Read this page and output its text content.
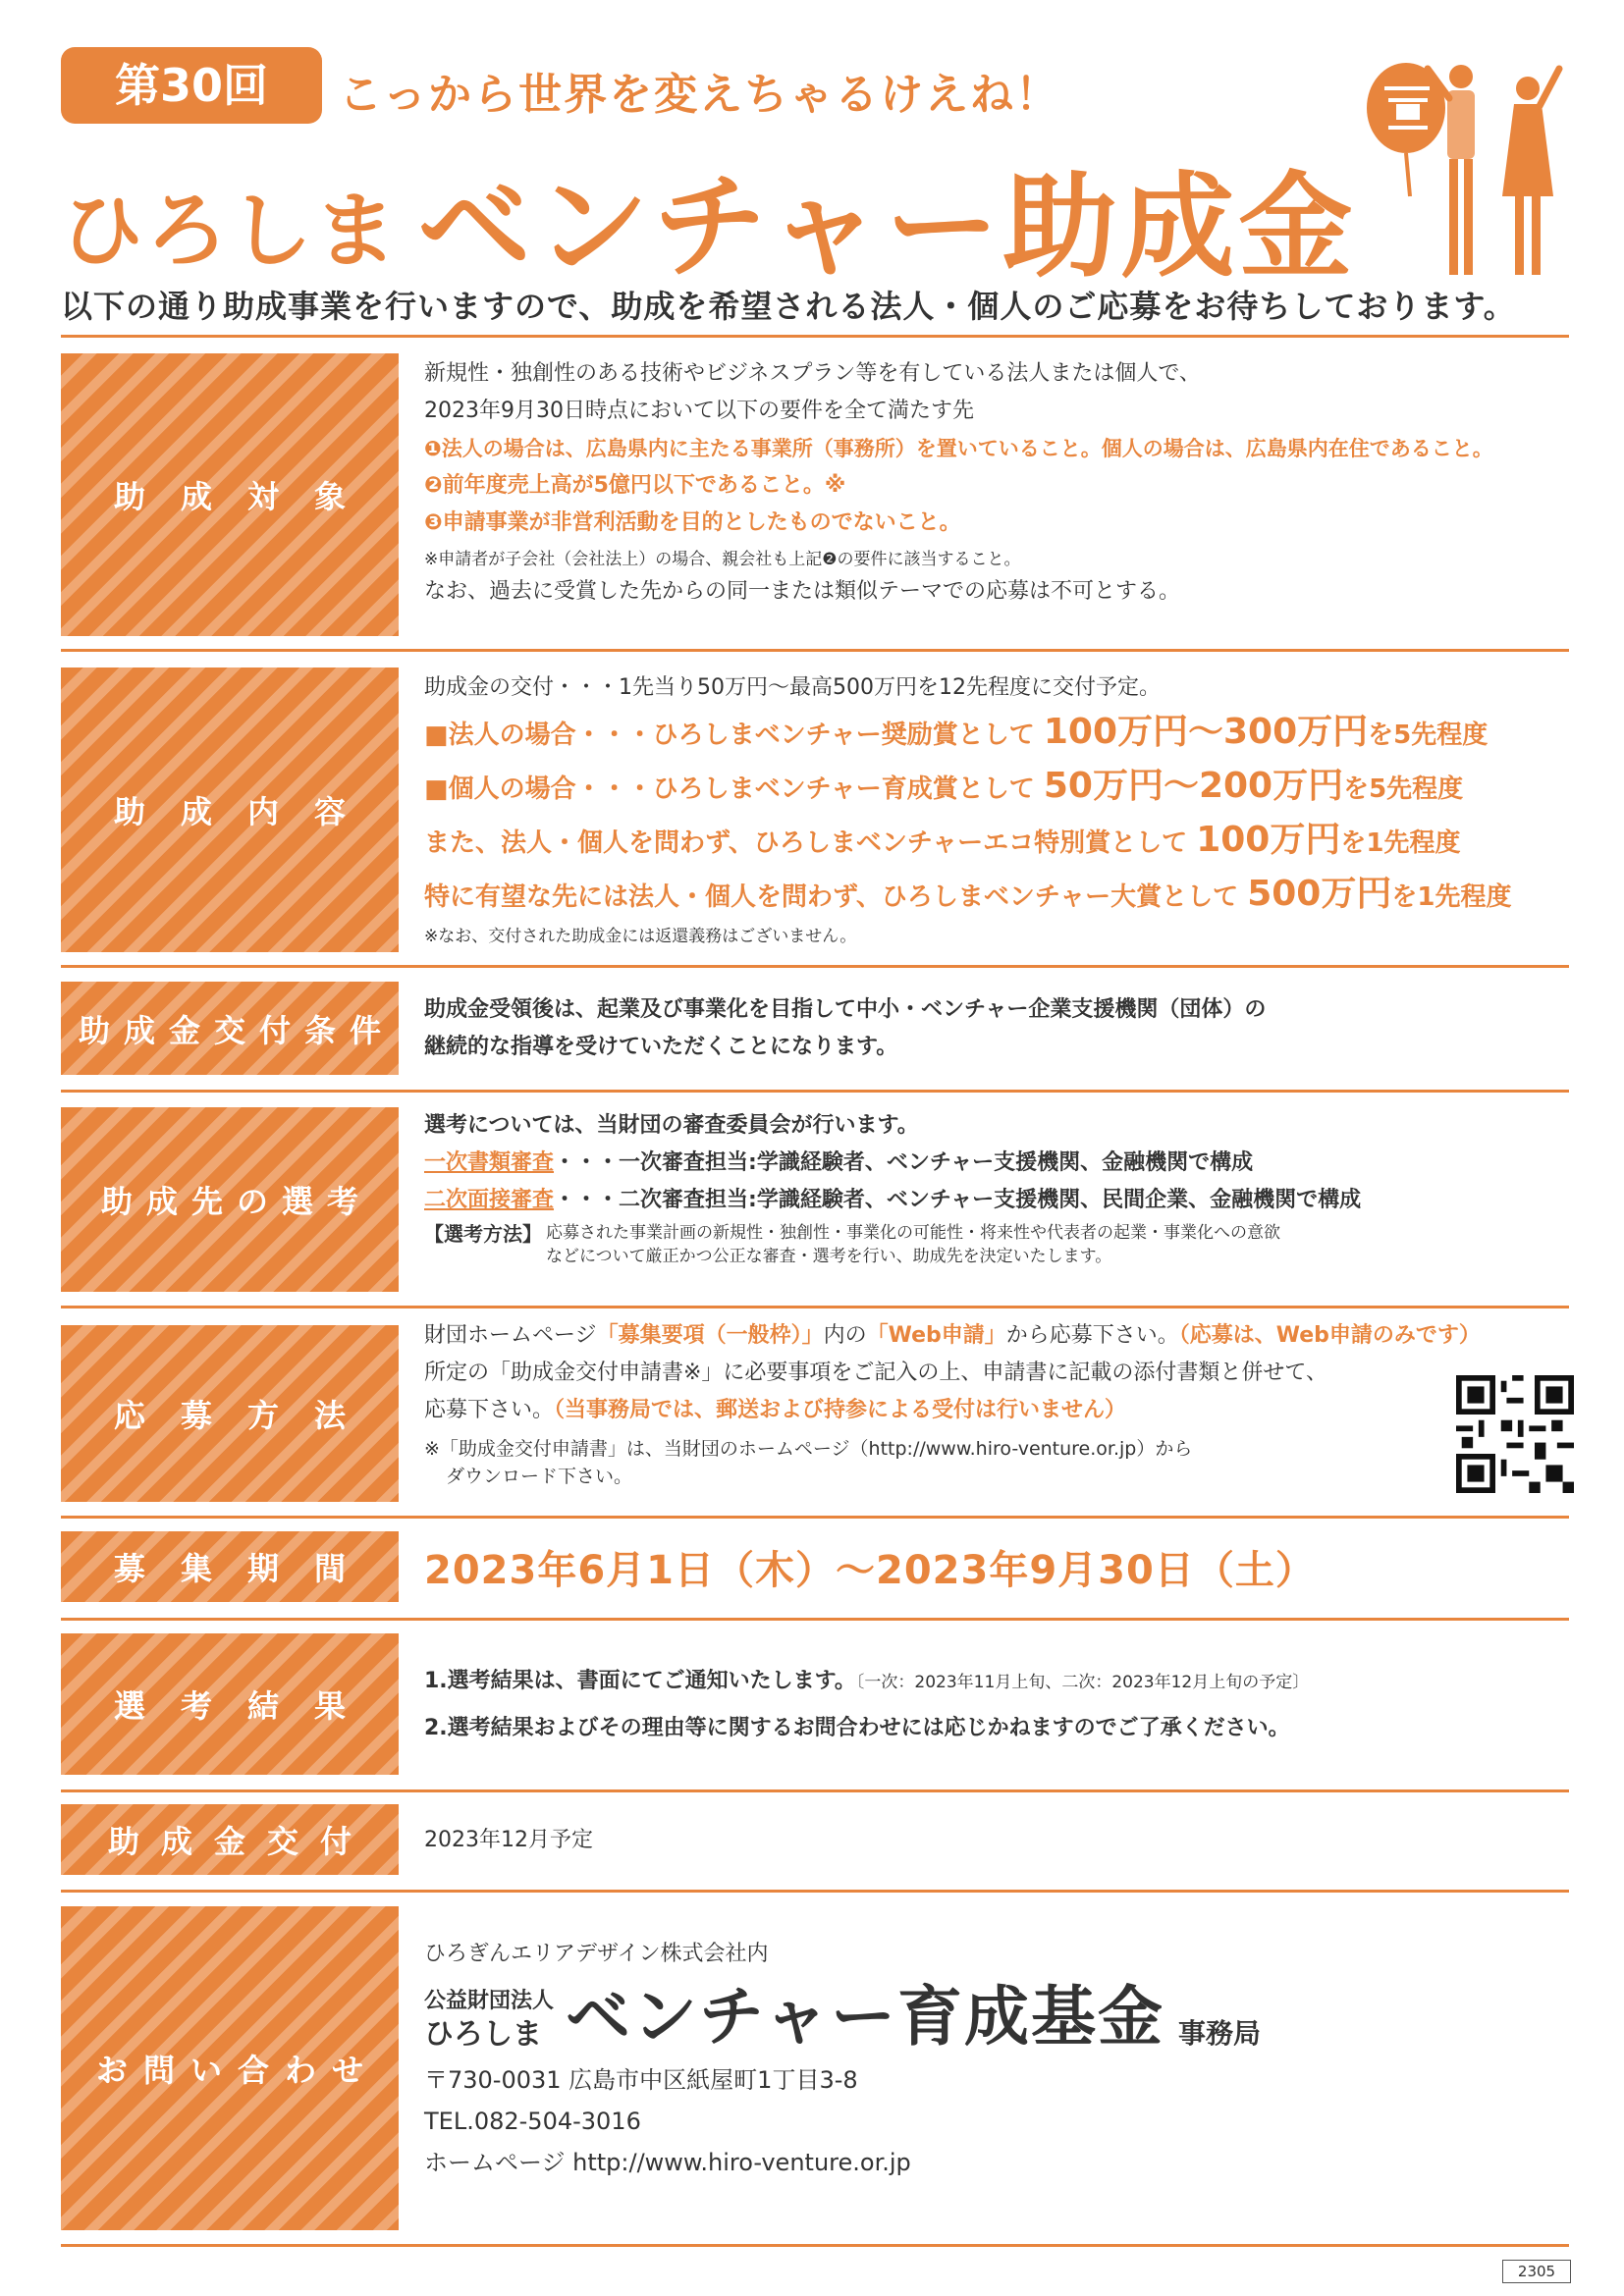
第30回	こっから世界を変えちゃるけえね！
ひろしま ベンチャー助成金
以下の通り助成事業を行いますので、助成を希望される法人・個人のご応募をお待ちしております。
助成対象

新規性・独創性のある技術やビジネスプラン等を有している法人または個人で、

2023年9月30日時点において以下の要件を全て満たす先

❶法人の場合は、広島県内に主たる事業所（事務所）を置いていること。個人の場合は、広島県内在住であること。

❷前年度売上高が5億円以下であること。※

❸申請事業が非営利活動を目的としたものでないこと。

※申請者が子会社（会社法上）の場合、親会社も上記❷の要件に該当すること。

なお、過去に受賞した先からの同一または類似テーマでの応募は不可とする。

助成内容

助成金の交付・・・1先当り50万円～最高500万円を12先程度に交付予定。

■法人の場合・・・ひろしまベンチャー奨励賞として 100万円～300万円を5先程度

■個人の場合・・・ひろしまベンチャー育成賞として 50万円～200万円を5先程度

また、法人・個人を問わず、ひろしまベンチャーエコ特別賞として 100万円を1先程度

特に有望な先には法人・個人を問わず、ひろしまベンチャー大賞として 500万円を1先程度

※なお、交付された助成金には返還義務はございません。

助成金交付条件

助成金受領後は、起業及び事業化を目指して中小・ベンチャー企業支援機関（団体）の

継続的な指導を受けていただくことになります。

助成先の選考

選考については、当財団の審査委員会が行います。

一次書類審査・・・一次審査担当:学識経験者、ベンチャー支援機関、金融機関で構成

二次面接審査・・・二次審査担当:学識経験者、ベンチャー支援機関、民間企業、金融機関で構成

【選考方法】 応募された事業計画の新規性・独創性・事業化の可能性・将来性や代表者の起業・事業化への意欲

などについて厳正かつ公正な審査・選考を行い、助成先を決定いたします。

応募方法

財団ホームページ「募集要項（一般枠）」内の「Web申請」から応募下さい。（応募は、Web申請のみです）

所定の「助成金交付申請書※」に必要事項をご記入の上、申請書に記載の添付書類と併せて、

応募下さい。（当事務局では、郵送および持参による受付は行いません）

※「助成金交付申請書」は、当財団のホームページ（http://www.hiro-venture.or.jp）から

ダウンロード下さい。

募集期間 2023年6月1日（木）～2023年9月30日（土）
選考結果

1.選考結果は、書面にてご通知いたします。〔一次：2023年11月上旬、二次：2023年12月上旬の予定〕

2.選考結果およびその理由等に関するお問合わせには応じかねますのでご了承ください。

助成金交付 2023年12月予定

お問い合わせ

ひろぎんエリアデザイン株式会社内

公益財団法人
ひろしま ベンチャー育成基金 事務局

〒730-0031 広島市中区紙屋町1丁目3-8

TEL.082-504-3016

ホームページ http://www.hiro-venture.or.jp

2305
